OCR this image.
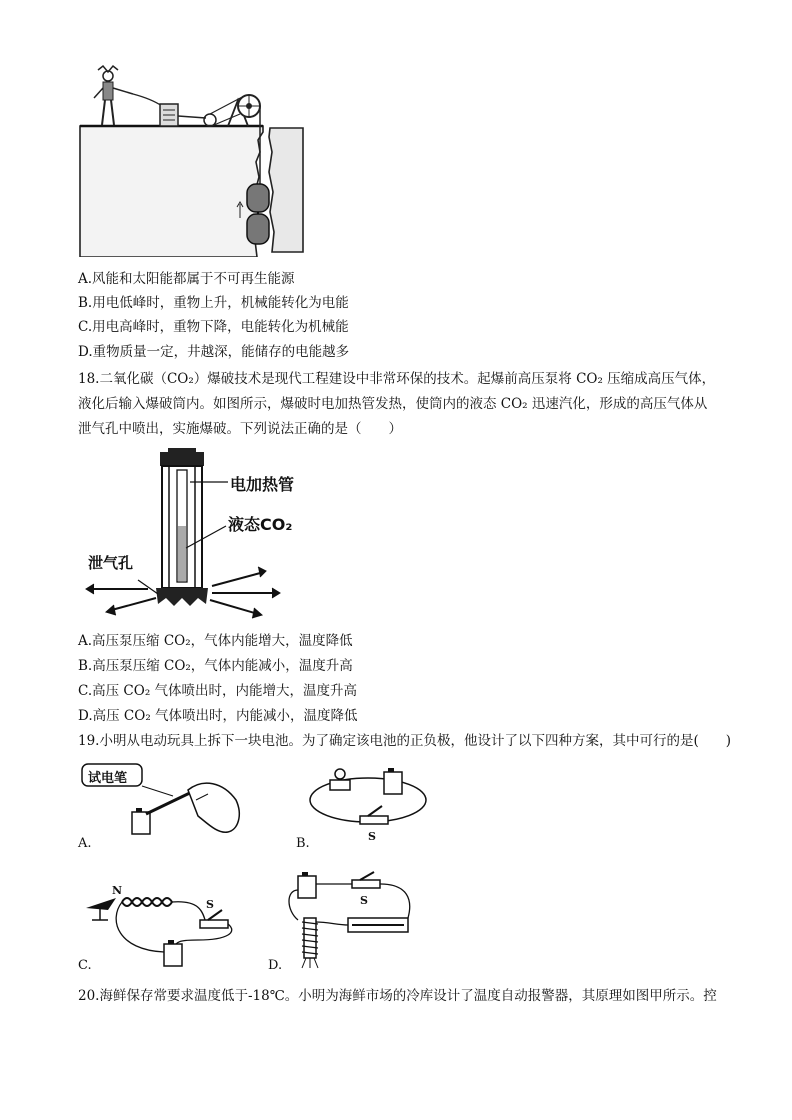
A.风能和太阳能都属于不可再生能源
B.用电低峰时，重物上升，机械能转化为电能
C.用电高峰时，重物下降，电能转化为机械能
D.重物质量一定，井越深，能储存的电能越多
18.二氧化碳（CO₂）爆破技术是现代工程建设中非常环保的技术。起爆前高压泵将 CO₂ 压缩成高压气体，
液化后输入爆破筒内。如图所示，爆破时电加热管发热，使筒内的液态 CO₂ 迅速汽化，形成的高压气体从
泄气孔中喷出，实施爆破。下列说法正确的是（　　）
电加热管
液态CO₂
泄气孔
A.高压泵压缩 CO₂，气体内能增大，温度降低
B.高压泵压缩 CO₂，气体内能减小，温度升高
C.高压 CO₂ 气体喷出时，内能增大，温度升高
D.高压 CO₂ 气体喷出时，内能减小，温度降低
19.小明从电动玩具上拆下一块电池。为了确定该电池的正负极，他设计了以下四种方案，其中可行的是(　　)
试电笔
A.	S
B.
N
S
C.
S
D.
20.海鲜保存常要求温度低于-18℃。小明为海鲜市场的冷库设计了温度自动报警器，其原理如图甲所示。控
